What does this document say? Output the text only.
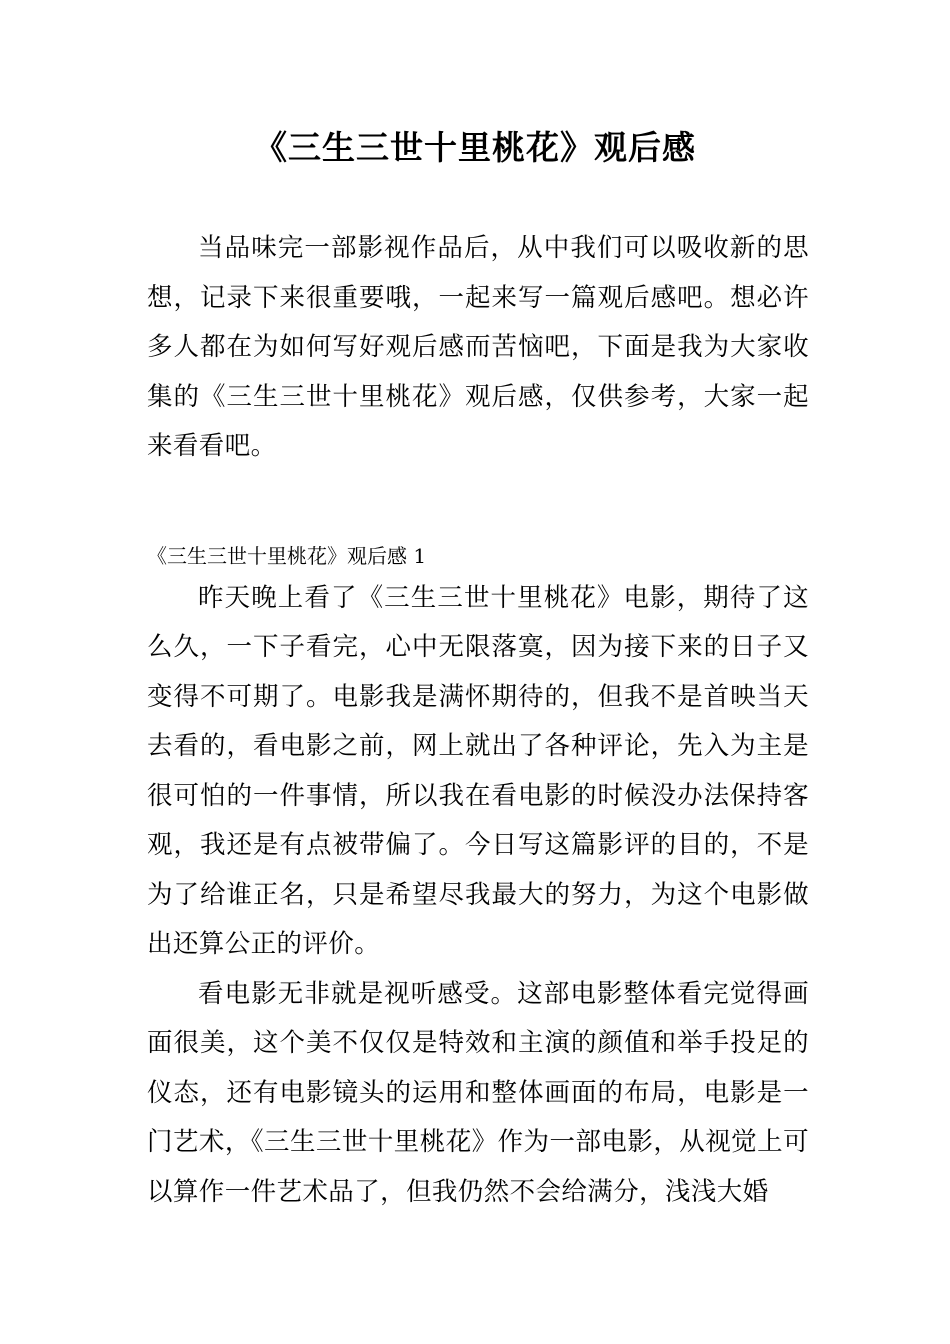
《三生三世十里桃花》观后感

当品味完一部影视作品后，从中我们可以吸收新的思想，记录下来很重要哦，一起来写一篇观后感吧。想必许多人都在为如何写好观后感而苦恼吧，下面是我为大家收集的《三生三世十里桃花》观后感，仅供参考，大家一起来看看吧。

《三生三世十里桃花》观后感 1

昨天晚上看了《三生三世十里桃花》电影，期待了这么久，一下子看完，心中无限落寞，因为接下来的日子又变得不可期了。电影我是满怀期待的，但我不是首映当天去看的，看电影之前，网上就出了各种评论，先入为主是很可怕的一件事情，所以我在看电影的时候没办法保持客观，我还是有点被带偏了。今日写这篇影评的目的，不是为了给谁正名，只是希望尽我最大的努力，为这个电影做出还算公正的评价。

看电影无非就是视听感受。这部电影整体看完觉得画面很美，这个美不仅仅是特效和主演的颜值和举手投足的仪态，还有电影镜头的运用和整体画面的布局，电影是一门艺术，《三生三世十里桃花》作为一部电影，从视觉上可以算作一件艺术品了，但我仍然不会给满分，浅浅大婚
